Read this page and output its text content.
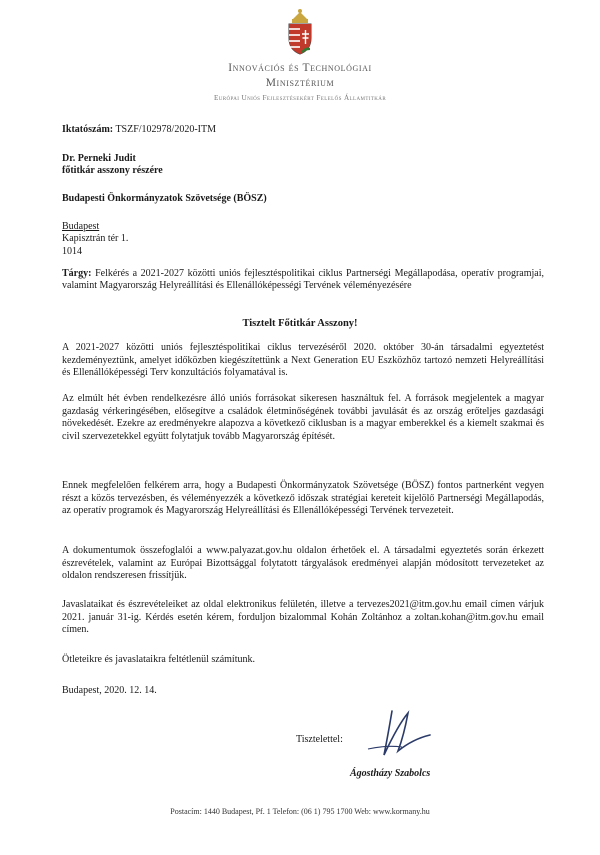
Innovációs és Technológiai
Minisztérium
Európai Uniós Fejlesztésekért Felelős Államtitkár
Iktatószám: TSZF/102978/2020-ITM
Dr. Perneki Judit
főtitkár asszony részére
Budapesti Önkormányzatok Szövetsége (BÖSZ)
Budapest
Kapisztrán tér 1.
1014
Tárgy: Felkérés a 2021-2027 közötti uniós fejlesztéspolitikai ciklus Partnerségi Megállapodása, operatív programjai, valamint Magyarország Helyreállítási és Ellenállóképességi Tervének véleményezésére
Tisztelt Főtitkár Asszony!
A 2021-2027 közötti uniós fejlesztéspolitikai ciklus tervezéséről 2020. október 30-án társadalmi egyeztetést kezdeményeztünk, amelyet időközben kiegészítettünk a Next Generation EU Eszközhöz tartozó nemzeti Helyreállítási és Ellenállóképességi Terv konzultációs folyamatával is.
Az elmúlt hét évben rendelkezésre álló uniós forrásokat sikeresen használtuk fel. A források megjelentek a magyar gazdaság vérkeringésében, elősegítve a családok életminőségének további javulását és az ország erőteljes gazdasági növekedését. Ezekre az eredményekre alapozva a következő ciklusban is a magyar emberekkel és a kiemelt szakmai és civil szervezetekkel együtt folytatjuk tovább Magyarország építését.
Ennek megfelelően felkérem arra, hogy a Budapesti Önkormányzatok Szövetsége (BÖSZ) fontos partnerként vegyen részt a közös tervezésben, és véleményezzék a következő időszak stratégiai kereteit kijelölő Partnerségi Megállapodás, az operatív programok és Magyarország Helyreállítási és Ellenállóképességi Tervének tervezeteit.
A dokumentumok összefoglalói a www.palyazat.gov.hu oldalon érhetőek el. A társadalmi egyeztetés során érkezett észrevételek, valamint az Európai Bizottsággal folytatott tárgyalások eredményei alapján módosított tervezeteket az oldalon rendszeresen frissítjük.
Javaslataikat és észrevételeiket az oldal elektronikus felületén, illetve a tervezes2021@itm.gov.hu email címen várjuk 2021. január 31-ig. Kérdés esetén kérem, forduljon bizalommal Kohán Zoltánhoz a zoltan.kohan@itm.gov.hu email címen.
Ötleteikre és javaslataikra feltétlenül számítunk.
Budapest, 2020. 12. 14.
Tisztelettel:
Ágostházy Szabolcs
Postacím: 1440 Budapest, Pf. 1 Telefon: (06 1) 795 1700 Web: www.kormany.hu
